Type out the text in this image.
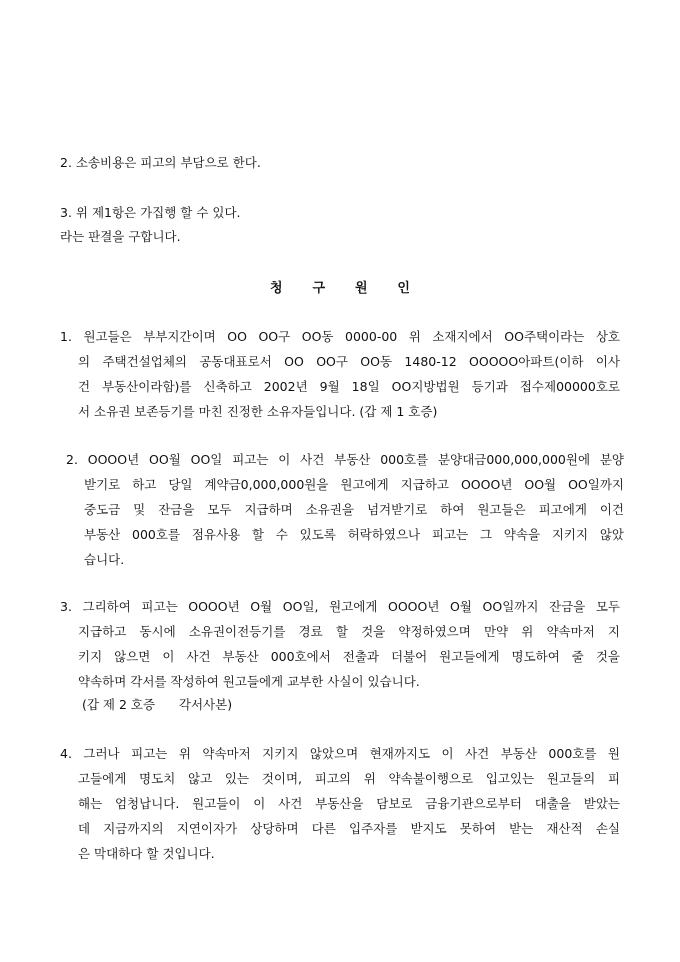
2. 소송비용은 피고의 부담으로 한다.
3. 위 제1항은 가집행 할 수 있다.
라는 판결을 구합니다.
청 구 원 인
1. 원고들은 부부지간이며 OO OO구 OO동 0000-00 위 소재지에서 OO주택이라는 상호
의 주택건설업체의 공동대표로서 OO OO구 OO동 1480-12 OOOOO아파트(이하 이사
건 부동산이라함)를 신축하고 2002년 9월 18일 OO지방법원 등기과 접수제00000호로
서 소유권 보존등기를 마친 진정한 소유자들입니다. (갑 제 1 호증)
2. OOOO년 OO월 OO일 피고는 이 사건 부동산 000호를 분양대금000,000,000원에 분양
받기로 하고 당일 계약금0,000,000원을 원고에게 지급하고 OOOO년 OO월 OO일까지
중도금 및 잔금을 모두 지급하며 소유권을 넘겨받기로 하여 원고들은 피고에게 이건
부동산 000호를 점유사용 할 수 있도록 허락하였으나 피고는 그 약속을 지키지 않았
습니다.
3. 그리하여 피고는 OOOO년 O월 OO일, 원고에게 OOOO년 O월 OO일까지 잔금을 모두
지급하고 동시에 소유권이전등기를 경료 할 것을 약정하였으며 만약 위 약속마저 지
키지 않으면 이 사건 부동산 000호에서 전출과 더불어 원고들에게 명도하여 줄 것을
약속하며 각서를 작성하여 원고들에게 교부한 사실이 있습니다.
(갑 제 2 호증      각서사본)
4. 그러나 피고는 위 약속마저 지키지 않았으며 현재까지도 이 사건 부동산 000호를 원
고들에게 명도치 않고 있는 것이며, 피고의 위 약속불이행으로 입고있는 원고들의 피
해는 엄청납니다. 원고들이 이 사건 부동산을 담보로 금융기관으로부터 대출을 받았는
데 지금까지의 지연이자가 상당하며 다른 입주자를 받지도 못하여 받는 재산적 손실
은 막대하다 할 것입니다.
